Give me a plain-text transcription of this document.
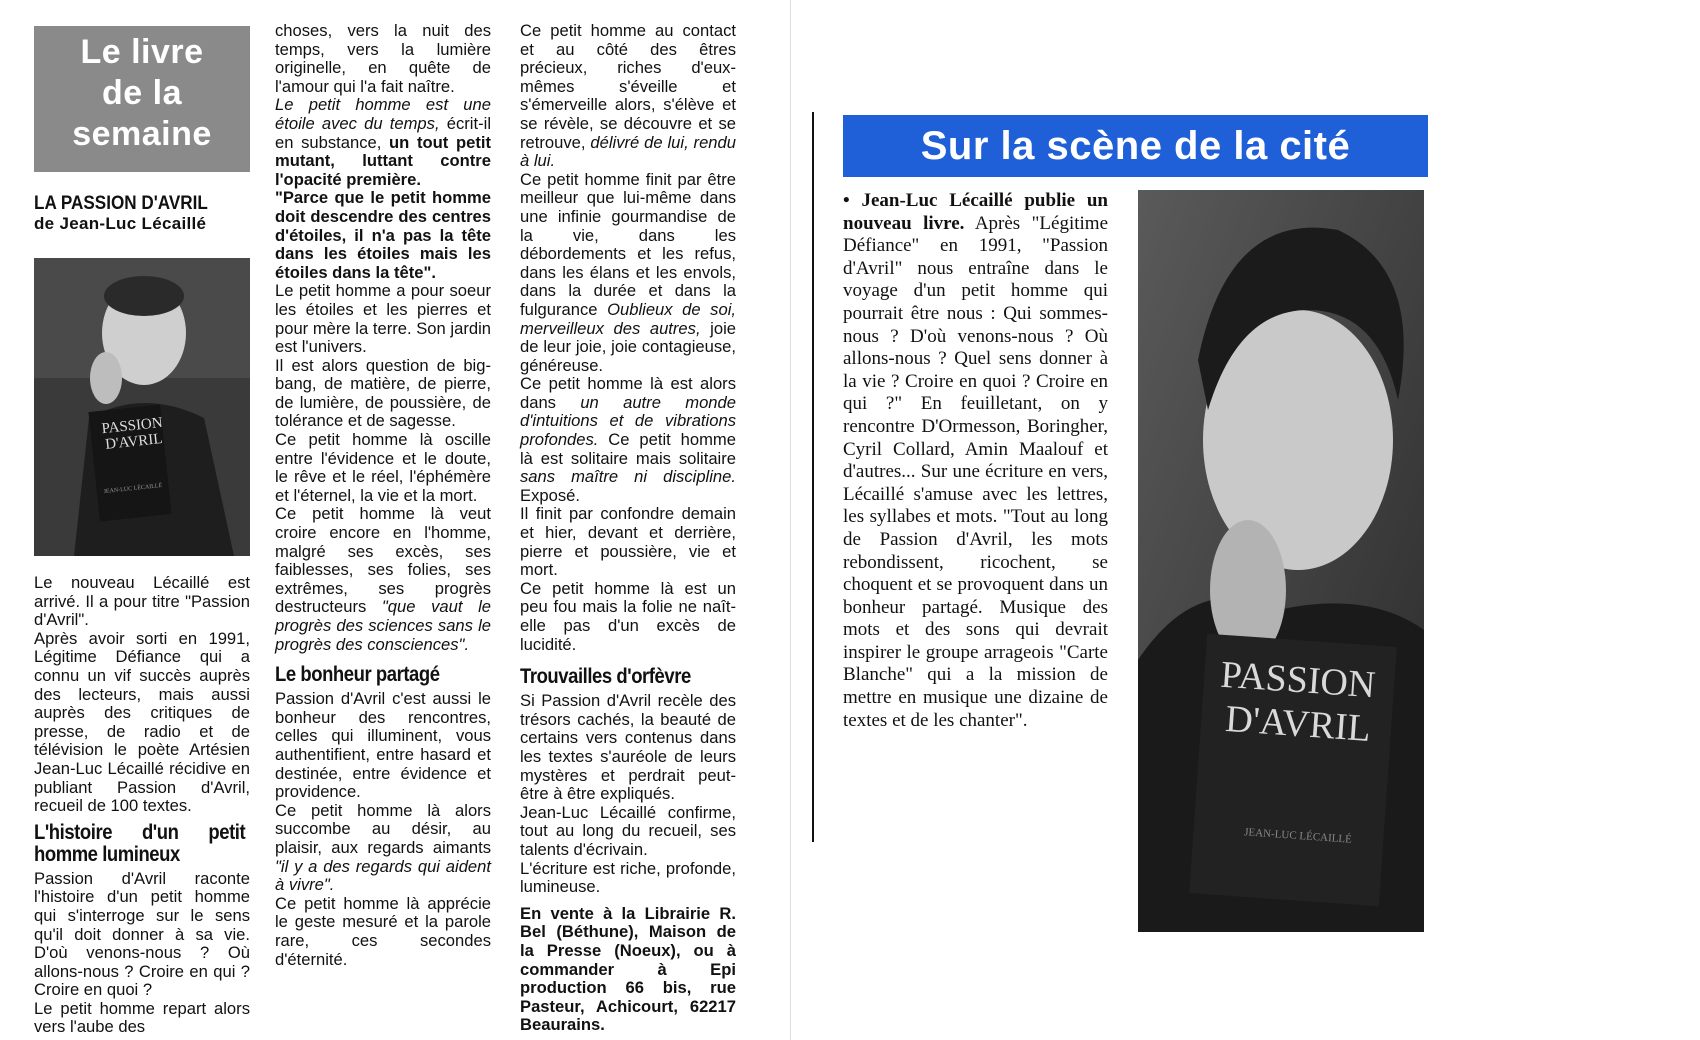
Le livre de la semaine
LA PASSION D'AVRIL
de Jean-Luc Lécaillé
PASSION D'AVRIL
JEAN-LUC LÉCAILLÉ

Le nouveau Lécaillé est arrivé. Il a pour titre "Passion d'Avril".

Après avoir sorti en 1991, Légitime Défiance qui a connu un vif succès auprès des lecteurs, mais aussi auprès des critiques de presse, de radio et de télévision le poète Artésien Jean-Luc Lécaillé récidive en publiant Passion d'Avril, recueil de 100 textes.

L'histoire d'un petit homme lumineux

Passion d'Avril raconte l'histoire d'un petit homme qui s'interroge sur le sens qu'il doit donner à sa vie. D'où venons-nous ? Où allons-nous ? Croire en qui ? Croire en quoi ?

Le petit homme repart alors vers l'aube des

choses, vers la nuit des temps, vers la lumière originelle, en quête de l'amour qui l'a fait naître.

Le petit homme est une étoile avec du temps, écrit-il en substance, un tout petit mutant, luttant contre l'opacité première.

"Parce que le petit homme doit descendre des centres d'étoiles, il n'a pas la tête dans les étoiles mais les étoiles dans la tête".

Le petit homme a pour soeur les étoiles et les pierres et pour mère la terre. Son jardin est l'univers.

Il est alors question de big-bang, de matière, de pierre, de lumière, de poussière, de tolérance et de sagesse.

Ce petit homme là oscille entre l'évidence et le doute, le rêve et le réel, l'éphémère et l'éternel, la vie et la mort.

Ce petit homme là veut croire encore en l'homme, malgré ses excès, ses faiblesses, ses folies, ses extrêmes, ses progrès destructeurs "que vaut le progrès des sciences sans le progrès des consciences".

Le bonheur partagé

Passion d'Avril c'est aussi le bonheur des rencontres, celles qui illuminent, vous authentifient, entre hasard et destinée, entre évidence et providence.

Ce petit homme là alors succombe au désir, au plaisir, aux regards aimants "il y a des regards qui aident à vivre".

Ce petit homme là apprécie le geste mesuré et la parole rare, ces secondes d'éternité.

Ce petit homme au contact et au côté des êtres précieux, riches d'eux-mêmes s'éveille et s'émerveille alors, s'élève et se révèle, se découvre et se retrouve, délivré de lui, rendu à lui.

Ce petit homme finit par être meilleur que lui-même dans une infinie gourmandise de la vie, dans les débordements et les refus, dans les élans et les envols, dans la durée et dans la fulgurance Oublieux de soi, merveilleux des autres, joie de leur joie, joie contagieuse, généreuse.

Ce petit homme là est alors dans un autre monde d'intuitions et de vibrations profondes. Ce petit homme là est solitaire mais solitaire sans maître ni discipline. Exposé.

Il finit par confondre demain et hier, devant et derrière, pierre et poussière, vie et mort.

Ce petit homme là est un peu fou mais la folie ne naît-elle pas d'un excès de lucidité.

Trouvailles d'orfèvre

Si Passion d'Avril recèle des trésors cachés, la beauté de certains vers contenus dans les textes s'auréole de leurs mystères et perdrait peut-être à être expliqués.

Jean-Luc Lécaillé confirme, tout au long du recueil, ses talents d'écrivain.

L'écriture est riche, profonde, lumineuse.

En vente à la Librairie R. Bel (Béthune), Maison de la Presse (Noeux), ou à commander à Epi production 66 bis, rue Pasteur, Achicourt, 62217 Beaurains.

Sur la scène de la cité

• Jean-Luc Lécaillé publie un nouveau livre. Après "Légitime Défiance" en 1991, "Passion d'Avril" nous entraîne dans le voyage d'un petit homme qui pourrait être nous : Qui sommes-nous ? D'où venons-nous ? Où allons-nous ? Quel sens donner à la vie ? Croire en quoi ? Croire en qui ?" En feuilletant, on y rencontre D'Ormesson, Boringher, Cyril Collard, Amin Maalouf et d'autres... Sur une écriture en vers, Lécaillé s'amuse avec les lettres, les syllabes et mots. "Tout au long de Passion d'Avril, les mots rebondissent, ricochent, se choquent et se provoquent dans un bonheur partagé. Musique des mots et des sons qui devrait inspirer le groupe arrageois "Carte Blanche" qui a la mission de mettre en musique une dizaine de textes et de les chanter".

PASSION
D'AVRIL
JEAN-LUC LÉCAILLÉ
